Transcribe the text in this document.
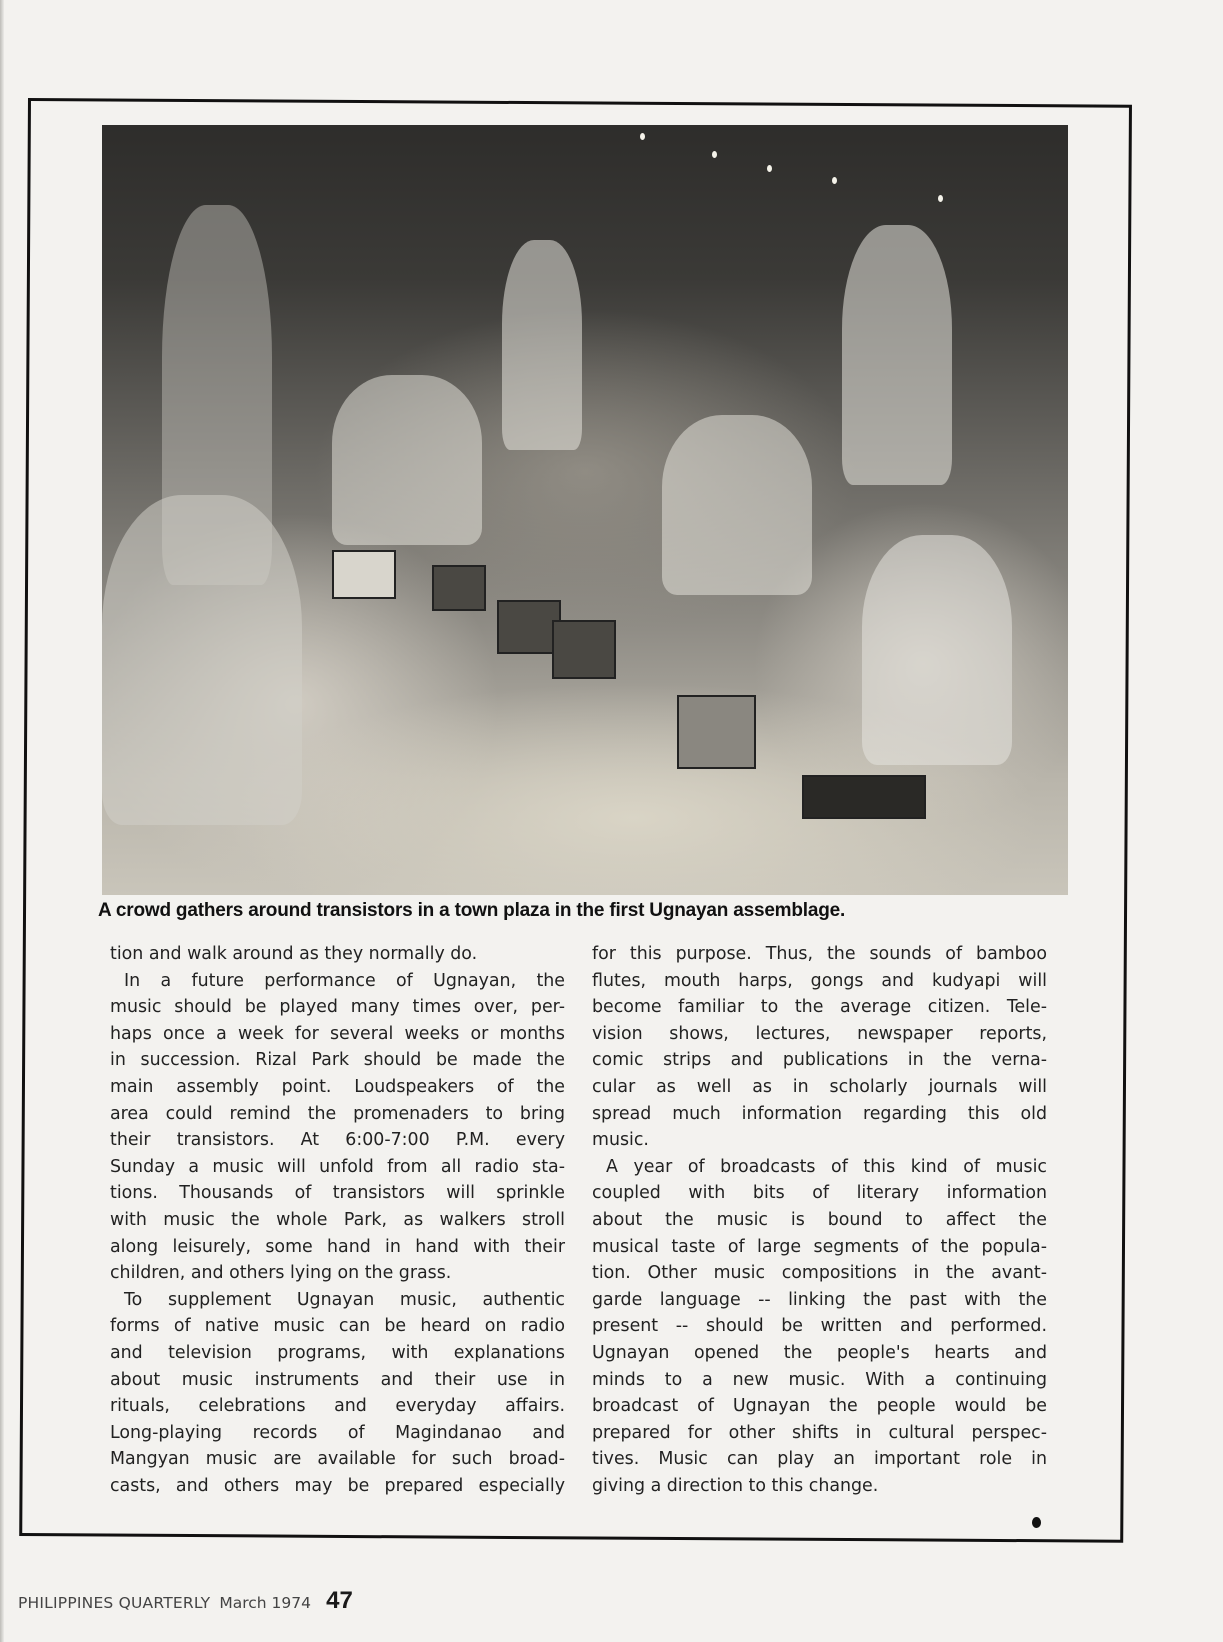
A crowd gathers around transistors in a town plaza in the first Ugnayan assemblage.
tion and walk around as they normally do.
In a future performance of Ugnayan, the
music should be played many times over, per-
haps once a week for several weeks or months
in succession. Rizal Park should be made the
main assembly point. Loudspeakers of the
area could remind the promenaders to bring
their transistors. At 6:00-7:00 P.M. every
Sunday a music will unfold from all radio sta-
tions. Thousands of transistors will sprinkle
with music the whole Park, as walkers stroll
along leisurely, some hand in hand with their
children, and others lying on the grass.
To supplement Ugnayan music, authentic
forms of native music can be heard on radio
and television programs, with explanations
about music instruments and their use in
rituals, celebrations and everyday affairs.
Long-playing records of Magindanao and
Mangyan music are available for such broad-
casts, and others may be prepared especially
for this purpose. Thus, the sounds of bamboo
flutes, mouth harps, gongs and kudyapi will
become familiar to the average citizen. Tele-
vision shows, lectures, newspaper reports,
comic strips and publications in the verna-
cular as well as in scholarly journals will
spread much information regarding this old
music.
A year of broadcasts of this kind of music
coupled with bits of literary information
about the music is bound to affect the
musical taste of large segments of the popula-
tion. Other music compositions in the avant-
garde language -- linking the past with the
present -- should be written and performed.
Ugnayan opened the people's hearts and
minds to a new music. With a continuing
broadcast of Ugnayan the people would be
prepared for other shifts in cultural perspec-
tives. Music can play an important role in
giving a direction to this change.
PHILIPPINES QUARTERLY March 1974 47
